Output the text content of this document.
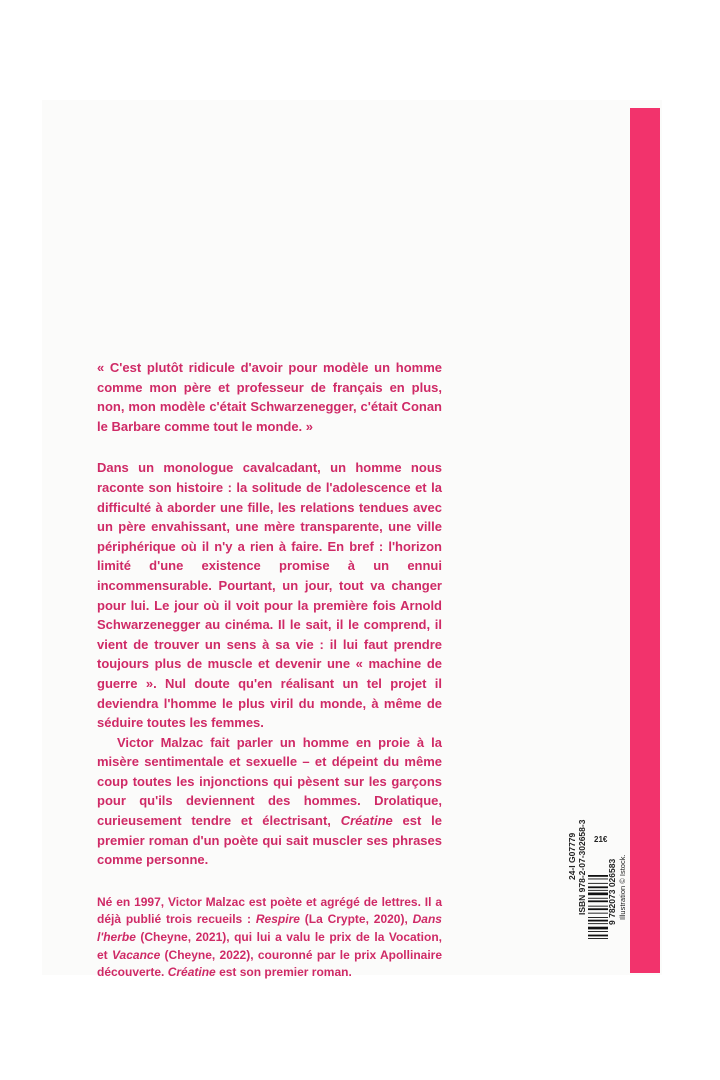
« C'est plutôt ridicule d'avoir pour modèle un homme comme mon père et professeur de français en plus, non, mon modèle c'était Schwarzenegger, c'était Conan le Barbare comme tout le monde. »

Dans un monologue cavalcadant, un homme nous raconte son histoire : la solitude de l'adolescence et la difficulté à aborder une fille, les relations tendues avec un père envahissant, une mère transparente, une ville périphérique où il n'y a rien à faire. En bref : l'horizon limité d'une existence promise à un ennui incommensurable. Pourtant, un jour, tout va changer pour lui. Le jour où il voit pour la première fois Arnold Schwarzenegger au cinéma. Il le sait, il le comprend, il vient de trouver un sens à sa vie : il lui faut prendre toujours plus de muscle et devenir une « machine de guerre ». Nul doute qu'en réalisant un tel projet il deviendra l'homme le plus viril du monde, à même de séduire toutes les femmes.

Victor Malzac fait parler un homme en proie à la misère sentimentale et sexuelle – et dépeint du même coup toutes les injonctions qui pèsent sur les garçons pour qu'ils deviennent des hommes. Drolatique, curieusement tendre et électrisant, Créatine est le premier roman d'un poète qui sait muscler ses phrases comme personne.

Né en 1997, Victor Malzac est poète et agrégé de lettres. Il a déjà publié trois recueils : Respire (La Crypte, 2020), Dans l'herbe (Cheyne, 2021), qui lui a valu le prix de la Vocation, et Vacance (Cheyne, 2022), couronné par le prix Apollinaire découverte. Créatine est son premier roman.

21€
24-I G07779 ISBN 978-2-07-302658-3 9 782073 026583 Illustration © Istock.
